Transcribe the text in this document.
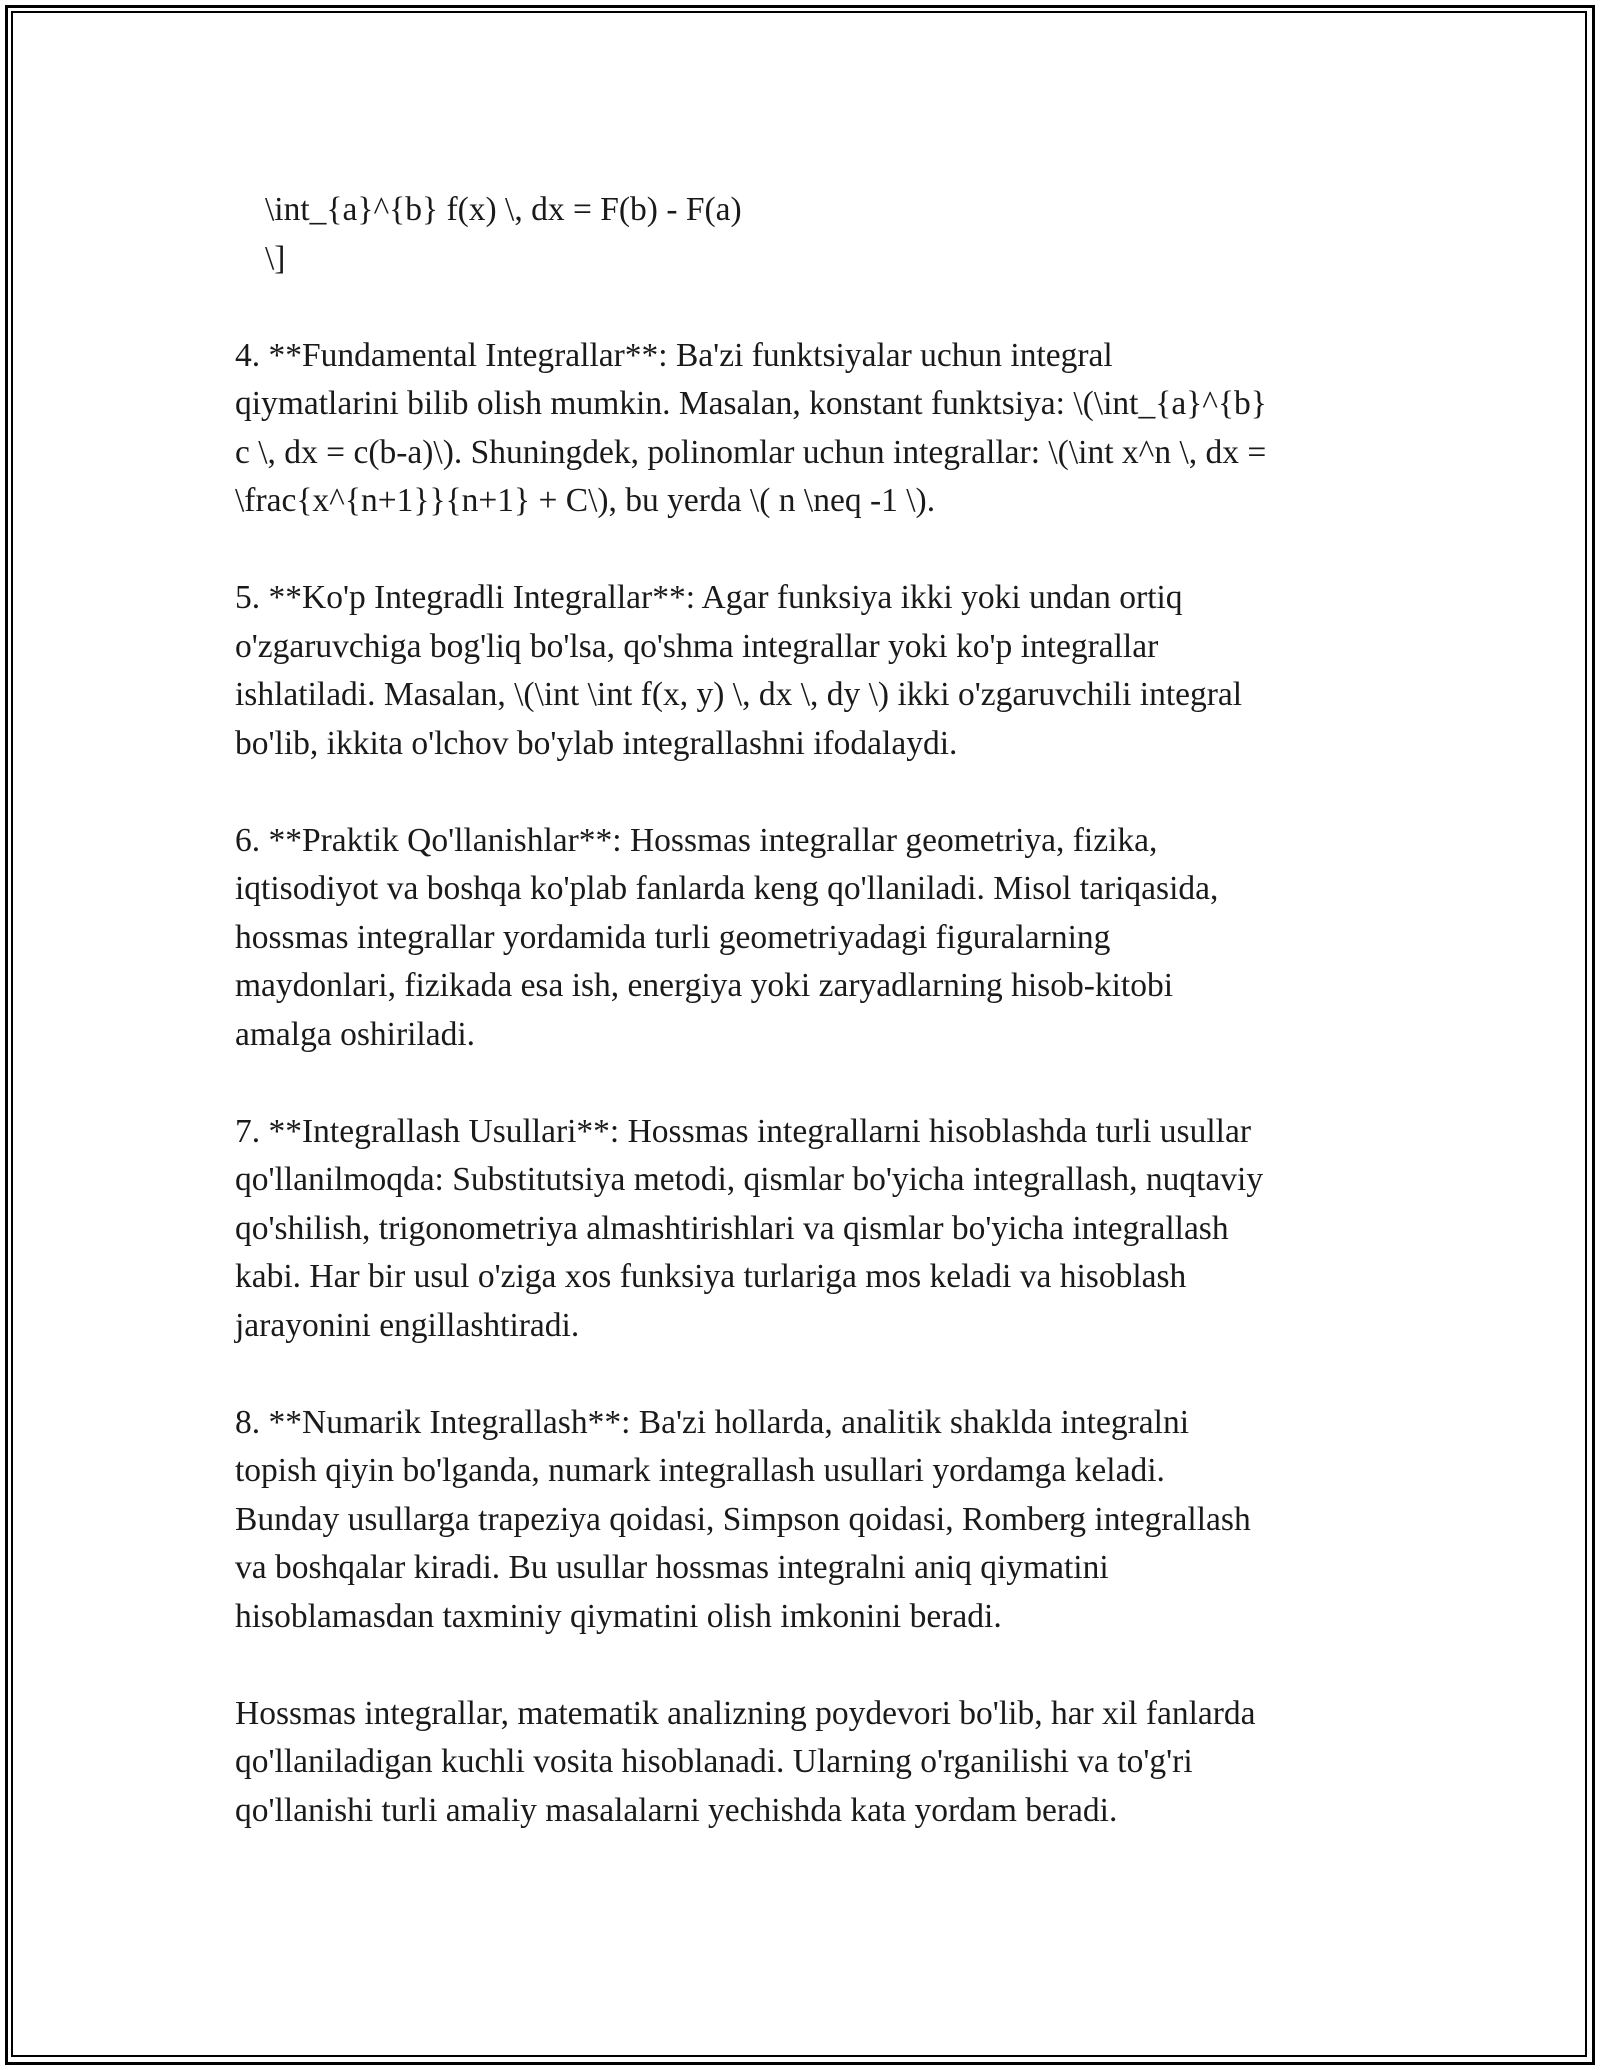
\int_{a}^{b} f(x) \, dx = F(b) - F(a)

\]

4. **Fundamental Integrallar**: Ba'zi funktsiyalar uchun integral

qiymatlarini bilib olish mumkin. Masalan, konstant funktsiya: \(\int_{a}^{b}

c \, dx = c(b-a)\). Shuningdek, polinomlar uchun integrallar: \(\int x^n \, dx =

\frac{x^{n+1}}{n+1} + C\), bu yerda \( n \neq -1 \).

5. **Ko'p Integradli Integrallar**: Agar funksiya ikki yoki undan ortiq

o'zgaruvchiga bog'liq bo'lsa, qo'shma integrallar yoki ko'p integrallar

ishlatiladi. Masalan, \(\int \int f(x, y) \, dx \, dy \) ikki o'zgaruvchili integral

bo'lib, ikkita o'lchov bo'ylab integrallashni ifodalaydi.

6. **Praktik Qo'llanishlar**: Hossmas integrallar geometriya, fizika,

iqtisodiyot va boshqa ko'plab fanlarda keng qo'llaniladi. Misol tariqasida,

hossmas integrallar yordamida turli geometriyadagi figuralarning

maydonlari, fizikada esa ish, energiya yoki zaryadlarning hisob-kitobi

amalga oshiriladi.

7. **Integrallash Usullari**: Hossmas integrallarni hisoblashda turli usullar

qo'llanilmoqda: Substitutsiya metodi, qismlar bo'yicha integrallash, nuqtaviy

qo'shilish, trigonometriya almashtirishlari va qismlar bo'yicha integrallash

kabi. Har bir usul o'ziga xos funksiya turlariga mos keladi va hisoblash

jarayonini engillashtiradi.

8. **Numarik Integrallash**: Ba'zi hollarda, analitik shaklda integralni

topish qiyin bo'lganda, numark integrallash usullari yordamga keladi.

Bunday usullarga trapeziya qoidasi, Simpson qoidasi, Romberg integrallash

va boshqalar kiradi. Bu usullar hossmas integralni aniq qiymatini

hisoblamasdan taxminiy qiymatini olish imkonini beradi.

Hossmas integrallar, matematik analizning poydevori bo'lib, har xil fanlarda

qo'llaniladigan kuchli vosita hisoblanadi. Ularning o'rganilishi va to'g'ri

qo'llanishi turli amaliy masalalarni yechishda kata yordam beradi.
